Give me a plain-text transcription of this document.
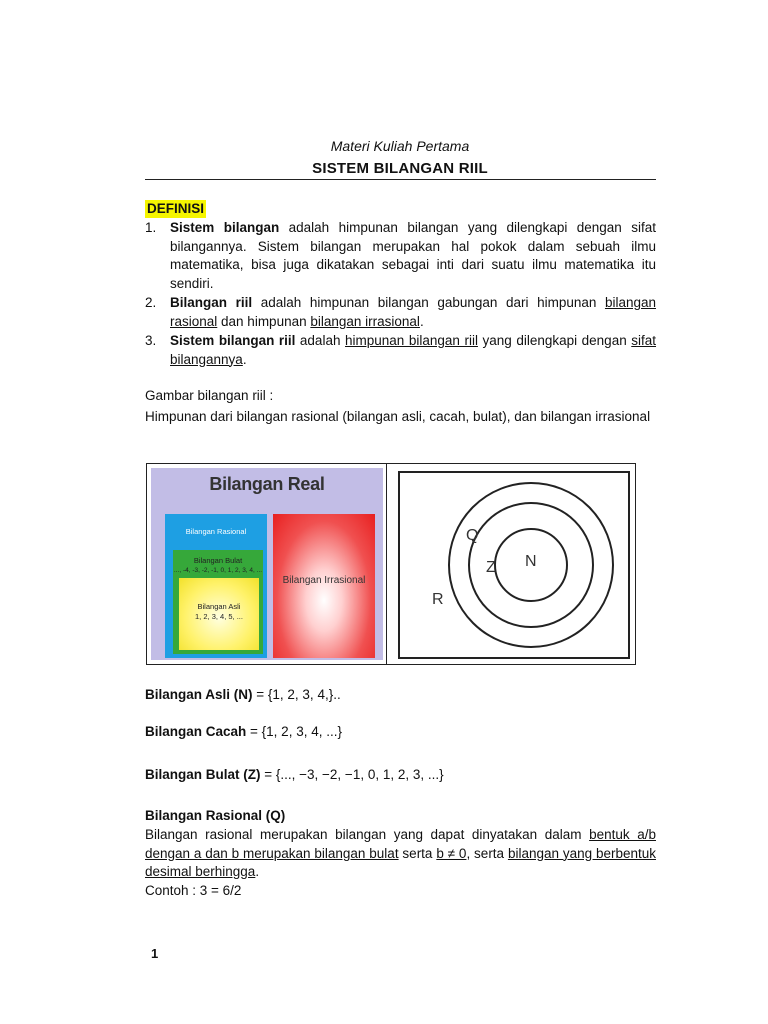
Materi Kuliah Pertama
SISTEM BILANGAN RIIL
DEFINISI
1. Sistem bilangan adalah himpunan bilangan yang dilengkapi dengan sifat bilangannya. Sistem bilangan merupakan hal pokok dalam sebuah ilmu matematika, bisa juga dikatakan sebagai inti dari suatu ilmu matematika itu sendiri.
2. Bilangan riil adalah himpunan bilangan gabungan dari himpunan bilangan rasional dan himpunan bilangan irrasional.
3. Sistem bilangan riil adalah himpunan bilangan riil yang dilengkapi dengan sifat bilangannya.
Gambar bilangan riil :
Himpunan dari bilangan rasional (bilangan asli, cacah, bulat), dan bilangan irrasional
Bilangan Real
Bilangan Rasional
Bilangan Bulat
..., -4, -3, -2, -1, 0, 1, 2, 3, 4, ...
Bilangan Asli
1, 2, 3, 4, 5, ...
Bilangan Irrasional
R
Q
Z N
Bilangan Asli (N) = {1, 2, 3, 4,}..
Bilangan Cacah = {1, 2, 3, 4, ...}
Bilangan Bulat (Z) = {..., −3, −2, −1, 0, 1, 2, 3, ...}
Bilangan Rasional (Q)
Bilangan rasional merupakan bilangan yang dapat dinyatakan dalam bentuk a/b dengan a dan b merupakan bilangan bulat serta b ≠ 0, serta bilangan yang berbentuk desimal berhingga.
Contoh : 3 = 6/2
1
